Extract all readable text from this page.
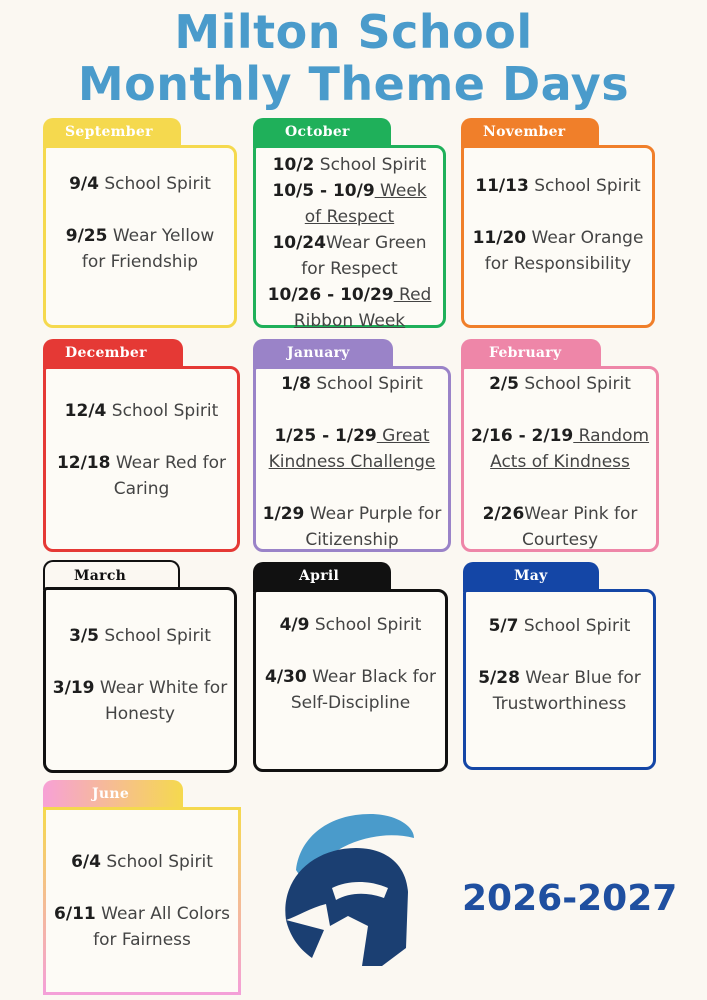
Milton School
Monthly Theme Days
September
9/4 School Spirit
9/25 Wear Yellow for Friendship
October
10/2 School Spirit
10/5 - 10/9 Week of Respect
10/24Wear Green for Respect
10/26 - 10/29 Red Ribbon Week
November
11/13 School Spirit
11/20 Wear Orange for Responsibility
December
12/4 School Spirit
12/18 Wear Red for Caring
January
1/8 School Spirit
1/25 - 1/29 Great Kindness Challenge
1/29 Wear Purple for Citizenship
February
2/5 School Spirit
2/16 - 2/19 Random Acts of Kindness
2/26Wear Pink for Courtesy
March
3/5 School Spirit
3/19 Wear White for Honesty
April
4/9 School Spirit
4/30 Wear Black for Self-Discipline
May
5/7 School Spirit
5/28 Wear Blue for Trustworthiness
June
6/4 School Spirit
6/11 Wear All Colors for Fairness
2026-2027
